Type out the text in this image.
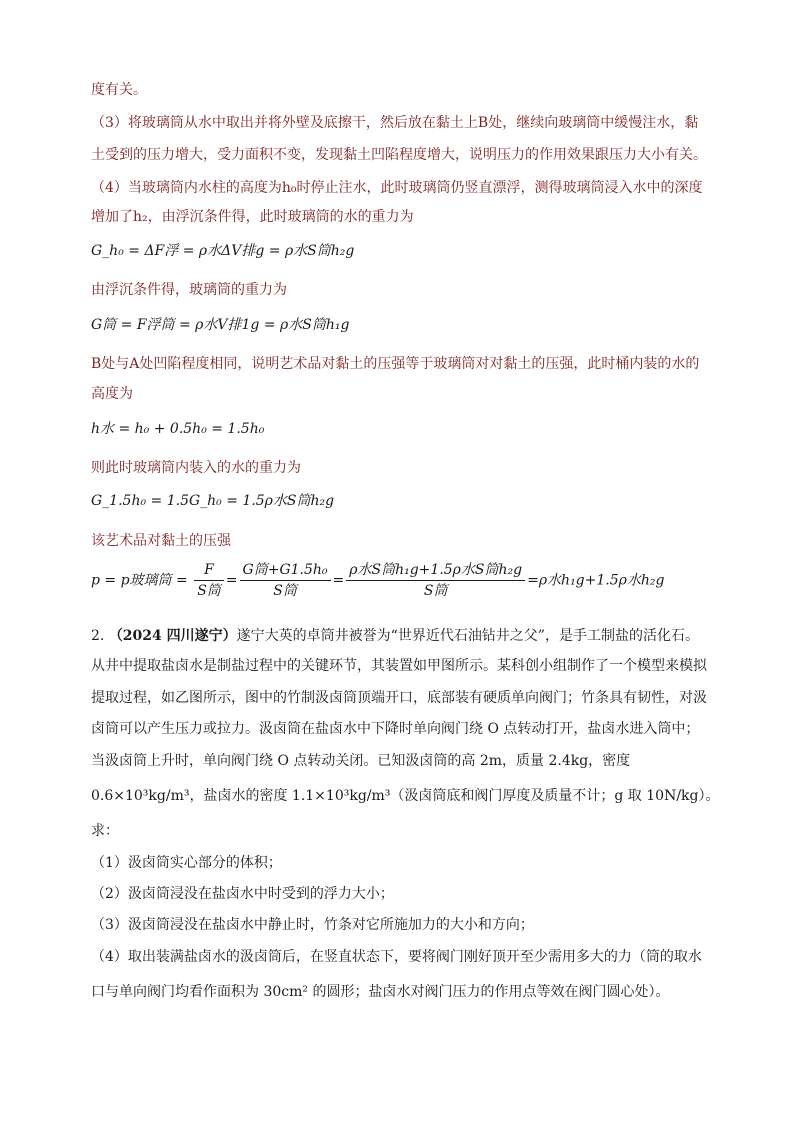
度有关。
（3）将玻璃筒从水中取出并将外壁及底擦干，然后放在黏土上B处，继续向玻璃筒中缓慢注水，黏
土受到的压力增大，受力面积不变，发现黏土凹陷程度增大，说明压力的作用效果跟压力大小有关。
（4）当玻璃筒内水柱的高度为h₀时停止注水，此时玻璃筒仍竖直漂浮，测得玻璃筒浸入水中的深度
增加了h₂，由浮沉条件得，此时玻璃筒的水的重力为
G_h₀ = ΔF浮 = ρ水ΔV排g = ρ水S筒h₂g
由浮沉条件得，玻璃筒的重力为
G筒 = F浮筒 = ρ水V排1g = ρ水S筒h₁g
B处与A处凹陷程度相同，说明艺术品对黏土的压强等于玻璃筒对对黏土的压强，此时桶内装的水的
高度为
h水 = h₀ + 0.5h₀ = 1.5h₀
则此时玻璃筒内装入的水的重力为
G_1.5h₀ = 1.5G_h₀ = 1.5ρ水S筒h₂g
该艺术品对黏土的压强
p = p玻璃筒 = $\frac{F}{\text{S筒}} = \frac{\text{G筒+G1.5h₀}}{\text{S筒}} = \frac{\text{ρ水S筒h₁g+1.5ρ水S筒h₂g}}{\text{S筒}} =\rho$水h₁g+1.5ρ水h₂g
2. （2024 四川遂宁）遂宁大英的卓筒井被誉为“世界近代石油钻井之父”，是手工制盐的活化石。
从井中提取盐卤水是制盐过程中的关键环节，其装置如甲图所示。某科创小组制作了一个模型来模拟
提取过程，如乙图所示，图中的竹制汲卤筒顶端开口，底部装有硬质单向阀门；竹条具有韧性，对汲
卤筒可以产生压力或拉力。汲卤筒在盐卤水中下降时单向阀门绕 O 点转动打开，盐卤水进入筒中；
当汲卤筒上升时，单向阀门绕 O 点转动关闭。已知汲卤筒的高 2m，质量 2.4kg，密度
0.6×10³kg/m³，盐卤水的密度 1.1×10³kg/m³（汲卤筒底和阀门厚度及质量不计；g 取 10N/kg）。
求：
（1）汲卤筒实心部分的体积；
（2）汲卤筒浸没在盐卤水中时受到的浮力大小；
（3）汲卤筒浸没在盐卤水中静止时，竹条对它所施加力的大小和方向；
（4）取出装满盐卤水的汲卤筒后，在竖直状态下，要将阀门刚好顶开至少需用多大的力（筒的取水
口与单向阀门均看作面积为 30cm² 的圆形；盐卤水对阀门压力的作用点等效在阀门圆心处）。
